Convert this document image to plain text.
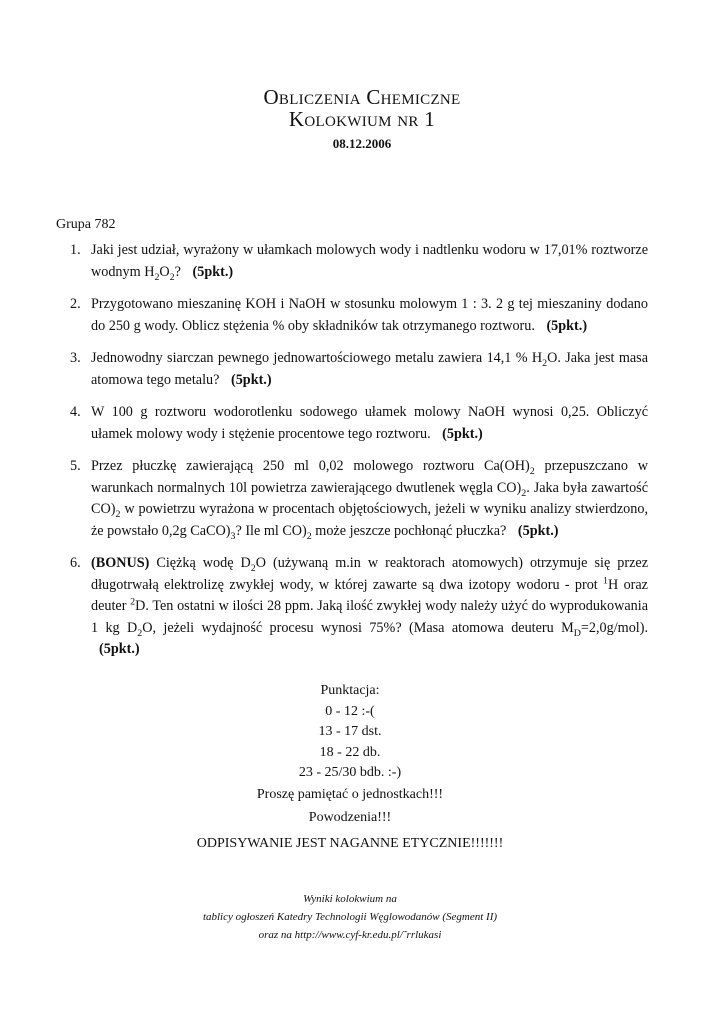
Obliczenia Chemiczne
Kolokwium nr 1
08.12.2006
Grupa 782
1. Jaki jest udział, wyrażony w ułamkach molowych wody i nadtlenku wodoru w 17,01% roztworze wodnym $H_2O_2$? (5pkt.)
2. Przygotowano mieszaninę KOH i NaOH w stosunku molowym 1 : 3. 2 g tej mieszaniny dodano do 250 g wody. Oblicz stężenia % oby składników tak otrzymanego roztworu. (5pkt.)
3. Jednowodny siarczan pewnego jednowartościowego metalu zawiera 14,1 % $H_2O$. Jaka jest masa atomowa tego metalu? (5pkt.)
4. W 100 g roztworu wodorotlenku sodowego ułamek molowy NaOH wynosi 0,25. Obliczyć ułamek molowy wody i stężenie procentowe tego roztworu. (5pkt.)
5. Przez płuczkę zawierającą 250 ml 0,02 molowego roztworu $Ca(OH)_2$ przepuszczano w warunkach normalnych 10l powietrza zawierającego dwutlenek węgla $CO)_2$. Jaka była zawartość $CO)_2$ w powietrzu wyrażona w procentach objętościowych, jeżeli w wyniku analizy stwierdzono, że powstało 0,2g $CaCO)_3$? Ile ml $CO)_2$ może jeszcze pochłonąć płuczka? (5pkt.)
6. (BONUS) Ciężką wodę $D_2O$ (używaną m.in w reaktorach atomowych) otrzymuje się przez długotrwałą elektrolizę zwykłej wody, w której zawarte są dwa izotopy wodoru - prot $^1$H oraz deuter $^2$D. Ten ostatni w ilości 28 ppm. Jaką ilość zwykłej wody należy użyć do wyprodukowania 1 kg $D_2O$, jeżeli wydajność procesu wynosi 75%? (Masa atomowa deuteru $M_D=2,0g/mol$). (5pkt.)
Punktacja:
0 - 12 :-(
13 - 17 dst.
18 - 22 db.
23 - 25/30 bdb. :-)
Proszę pamiętać o jednostkach!!!
Powodzenia!!!
ODPISYWANIE JEST NAGANNE ETYCZNIE!!!!!!!
Wyniki kolokwium na
tablicy ogłoszeń Katedry Technologii Węglowodanów (Segment II)
oraz na http://www.cyf-kr.edu.pl/˜rrlukasi
